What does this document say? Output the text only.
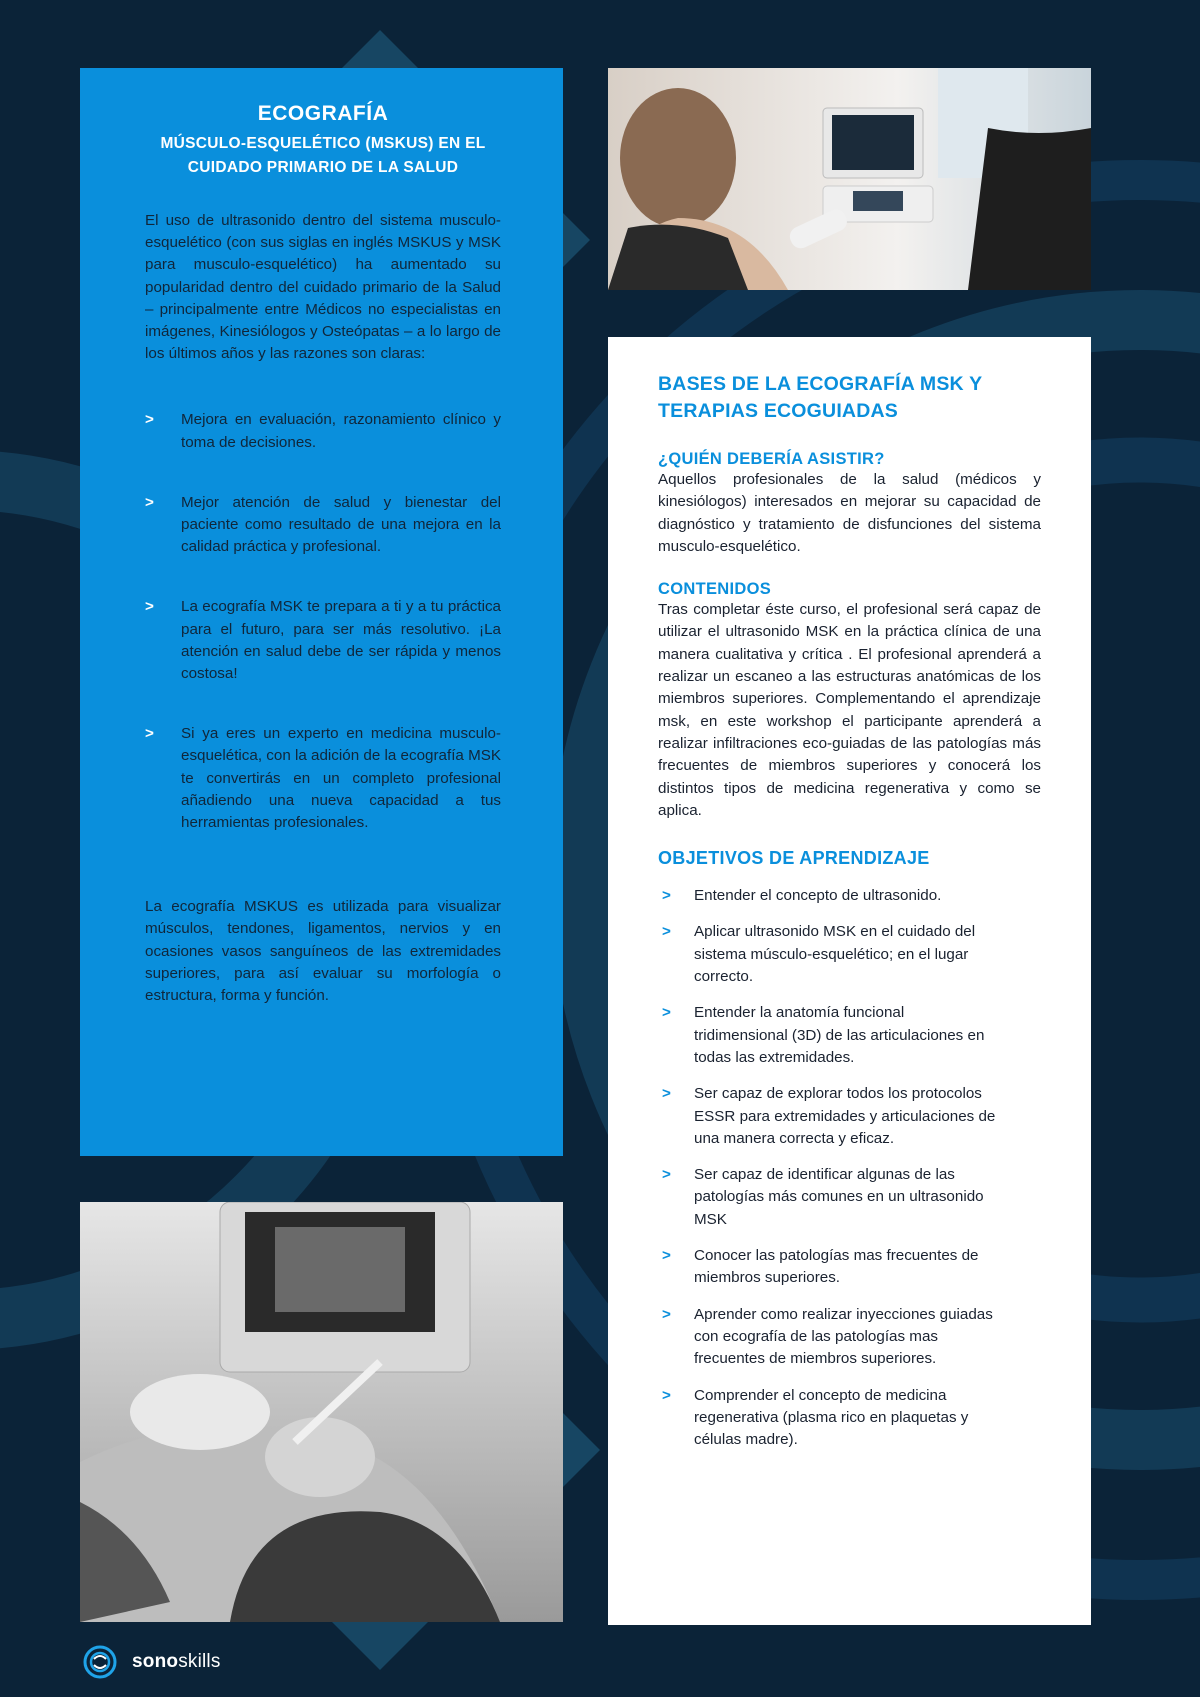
ECOGRAFÍA
MÚSCULO-ESQUELÉTICO (MSKUS) EN EL CUIDADO PRIMARIO DE LA SALUD

El uso de ultrasonido dentro del sistema musculo-esquelético (con sus siglas en inglés MSKUS y MSK para musculo-esquelético) ha aumentado su popularidad dentro del cuidado primario de la Salud – principalmente entre Médicos no especialistas en imágenes, Kinesiólogos y Osteópatas – a lo largo de los últimos años y las razones son claras:

> Mejora en evaluación, razonamiento clínico y toma de decisiones.
> Mejor atención de salud y bienestar del paciente como resultado de una mejora en la calidad práctica y profesional.
> La ecografía MSK te prepara a ti y a tu práctica para el futuro, para ser más resolutivo. ¡La atención en salud debe de ser rápida y menos costosa!
> Si ya eres un experto en medicina musculo-esquelética, con la adición de la ecografía MSK te convertirás en un completo profesional añadiendo una nueva capacidad a tus herramientas profesionales.

La ecografía MSKUS es utilizada para visualizar músculos, tendones, ligamentos, nervios y en ocasiones vasos sanguíneos de las extremidades superiores, para así evaluar su morfología o estructura, forma y función.

BASES DE LA ECOGRAFÍA MSK Y TERAPIAS ECOGUIADAS
¿QUIÉN DEBERÍA ASISTIR?

Aquellos profesionales de la salud (médicos y kinesiólogos) interesados en mejorar su capacidad de diagnóstico y tratamiento de disfunciones del sistema musculo-esquelético.

CONTENIDOS

Tras completar éste curso, el profesional será capaz de utilizar el ultrasonido MSK en la práctica clínica de una manera cualitativa y crítica . El profesional aprenderá a realizar un escaneo a las estructuras anatómicas de los miembros superiores. Complementando el aprendizaje msk, en este workshop el participante aprenderá a realizar infiltraciones eco-guiadas de las patologías más frecuentes de miembros superiores y conocerá los distintos tipos de medicina regenerativa y como se aplica.

OBJETIVOS DE APRENDIZAJE
> Entender el concepto de ultrasonido.
> Aplicar ultrasonido MSK en el cuidado del sistema músculo-esquelético; en el lugar correcto.
> Entender la anatomía funcional tridimensional (3D) de las articulaciones en todas las extremidades.
> Ser capaz de explorar todos los protocolos ESSR para extremidades y articulaciones de una manera correcta y eficaz.
> Ser capaz de identificar algunas de las patologías más comunes en un ultrasonido MSK
> Conocer las patologías mas frecuentes de miembros superiores.
> Aprender como realizar inyecciones guiadas con ecografía de las patologías mas frecuentes de miembros superiores.
> Comprender el concepto de medicina regenerativa (plasma rico en plaquetas y células madre).
sonoskills
